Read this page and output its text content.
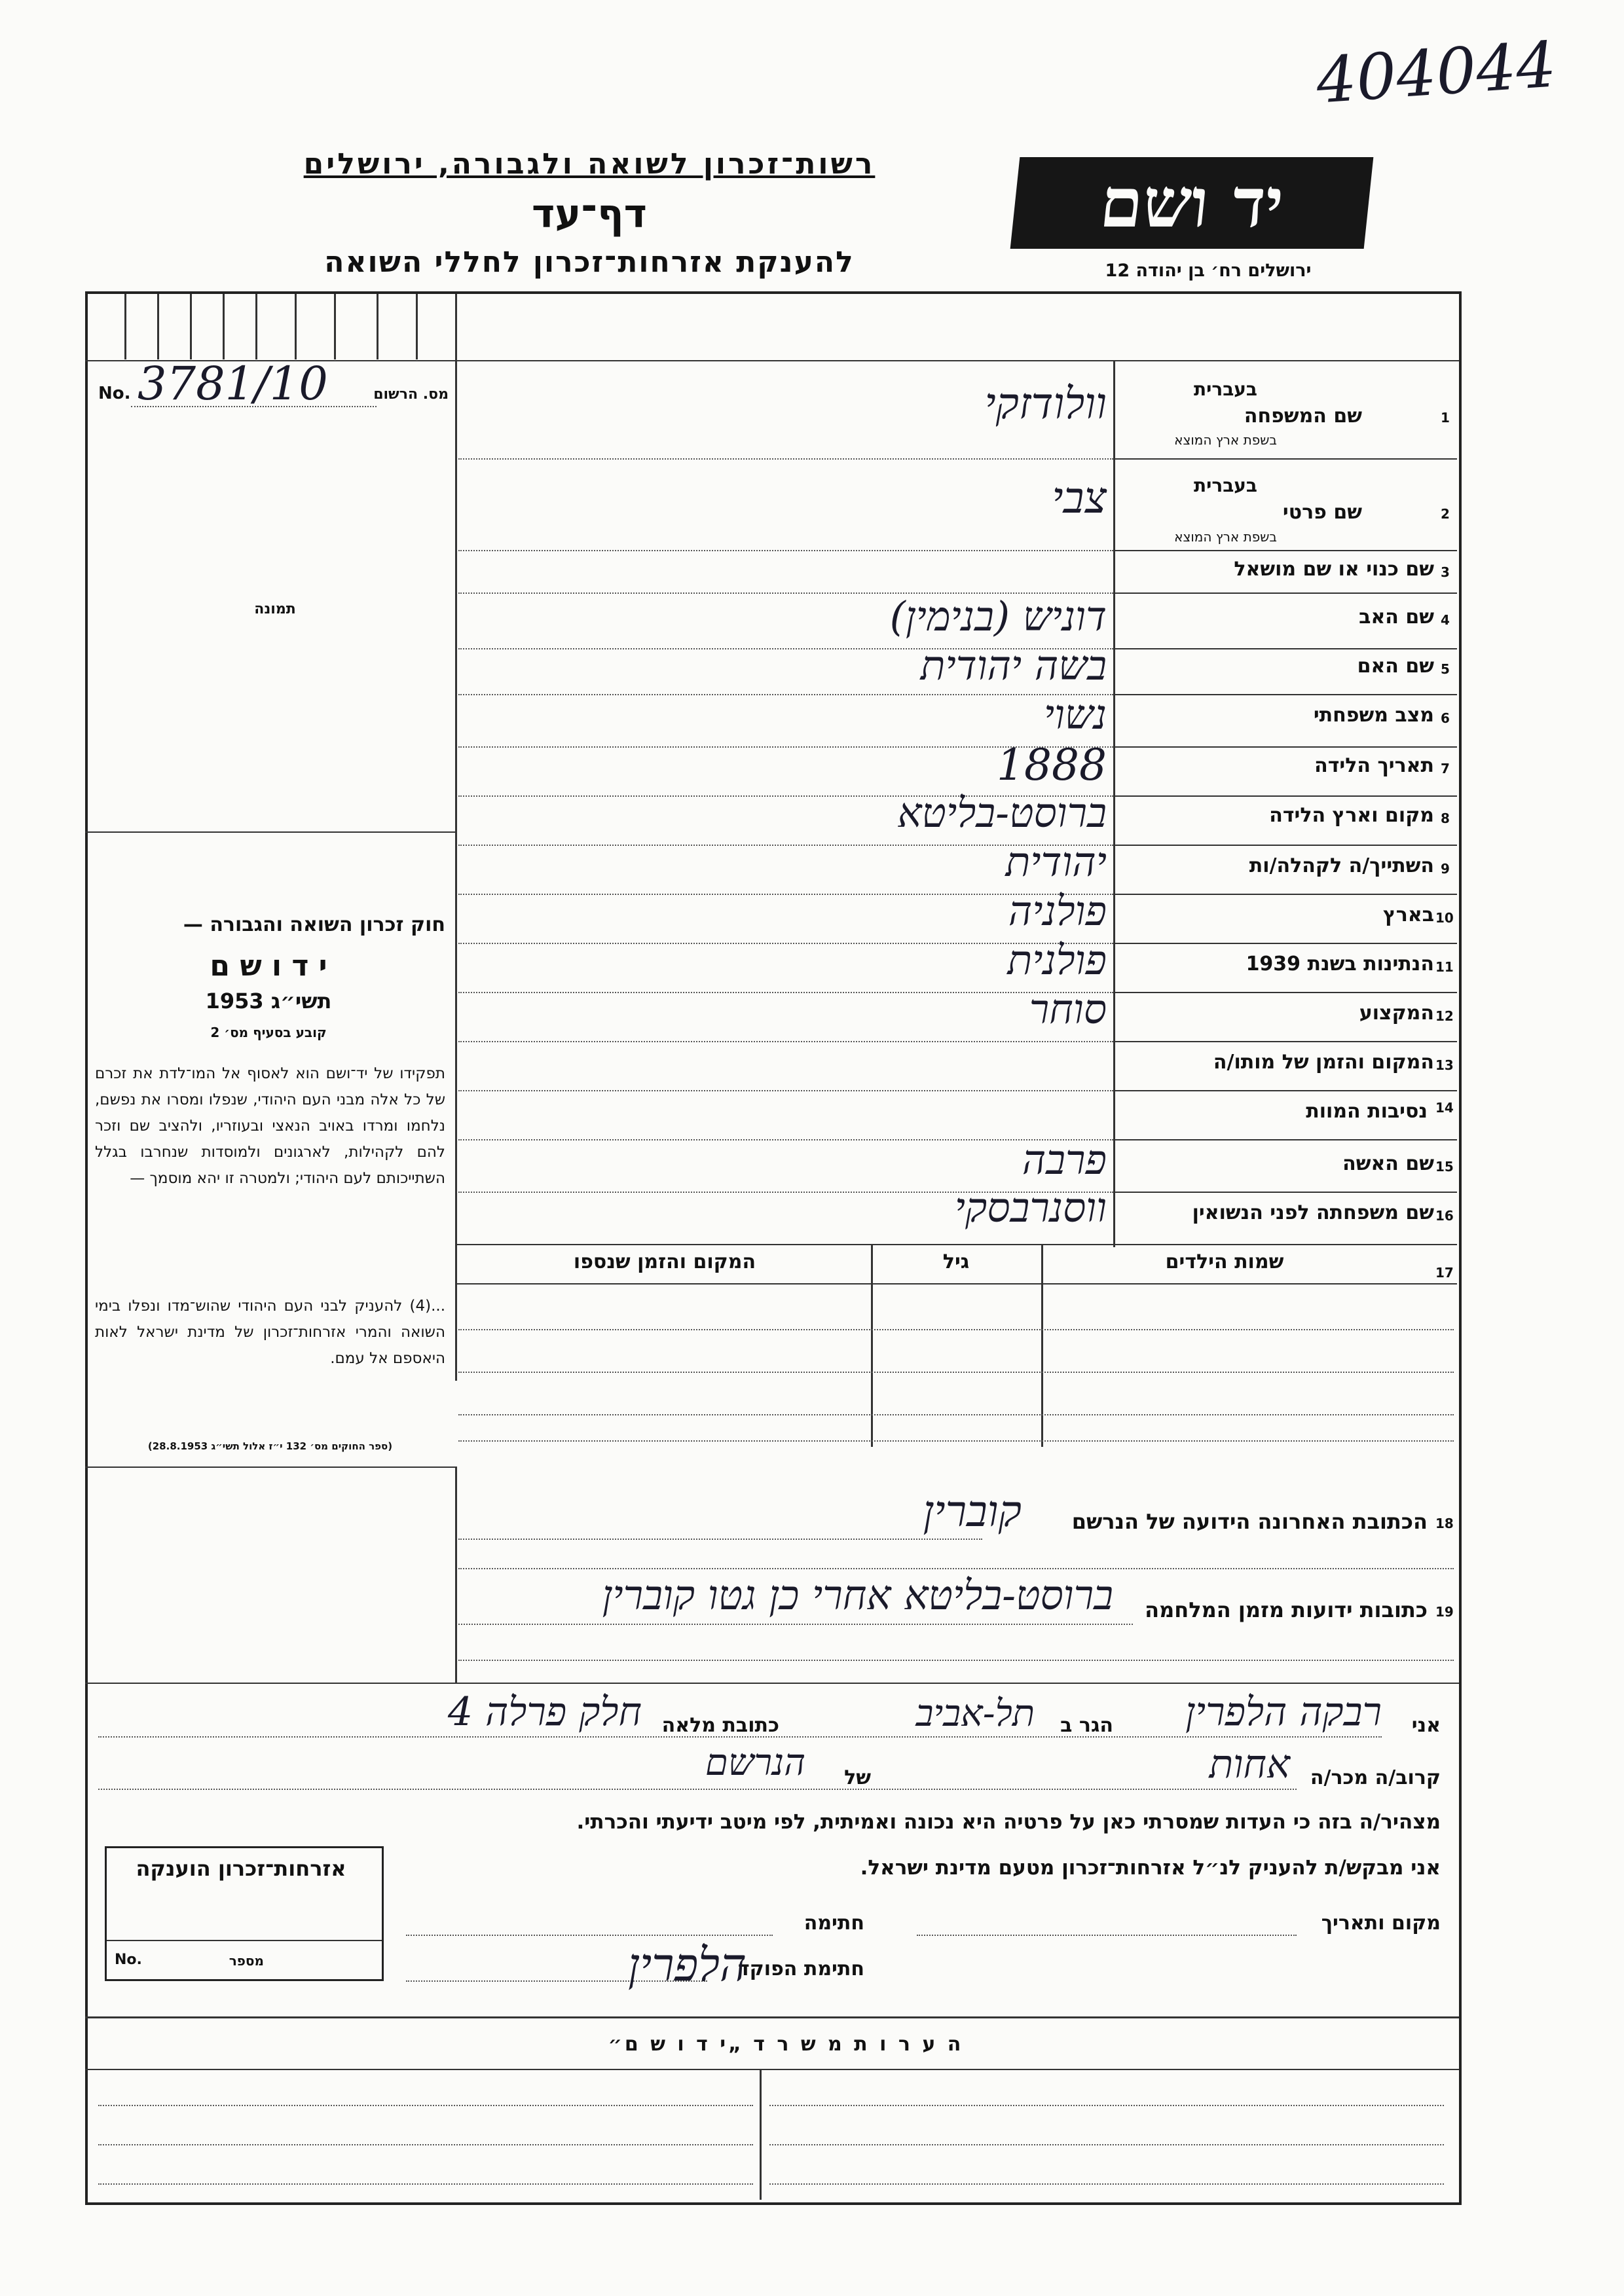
404044
רשות־זכרון לשואה ולגבורה, ירושלים
דף־עד
להענקת אזרחות־זכרון לחללי השואה
יד ושם
ירושלים רח׳ בן יהודה 12
מס. הרשום
No. 3781/10
תמונה
חוק זכרון השואה והגבורה —
י ד ו ש ם
תשי״ג 1953
קובע בסעיף מס׳ 2
תפקידו של יד־ושם הוא לאסוף אל המו־לדת את זכרם של כל אלה מבני העם היהודי, שנפלו ומסרו את נפשם, נלחמו ומרדו באויב הנאצי ובעוזריו, ולהציב שם וזכר להם לקהילות, לארגונים ולמוסדות שנחרבו בגלל השתייכותם לעם היהודי; ולמטרה זו יהא מוסמך —
...(4) להעניק לבני העם היהודי שהוש־מדו ונפלו בימי השואה והמרי אזרחות־זכרון של מדינת ישראל לאות היאספם אל עמם.
(ספר החוקים מס׳ 132 י״ז אלול תשי״ג 28.8.1953)
בעברית
שם המשפחה
בשפת ארץ המוצא
1
וולודזקי
בעברית
שם פרטי
בשפת ארץ המוצא
2
צבי
שם כנוי או שם מושאל 3
שם האב 4
דוניש (בנימין)
שם האם 5
בשה יהודית
מצב משפחתי 6
נשוי
תאריך הלידה 7
1888
מקום וארץ הלידה 8
ברוסט-בליטא
השתייך/ה לקהלה/ות 9
יהודית
בארץ 10
פולניה
הנתינות בשנת 1939 11
פולנית
המקצוע 12
סוחר
המקום והזמן של מותו/ה 13
נסיבות המוות 14
שם האשה 15
פרבה
שם משפחתה לפני הנשואין 16
ווסנרבסקי
17
שמות הילדים
גיל
המקום והזמן שנספו
18
הכתובת האחרונה הידועה של הנרשם
קוברין
19
כתובות ידועות מזמן המלחמה
ברוסט-בליטא אחרי כן גטו קוברין
אני
רבקה הלפרין
הגר ב
תל-אביב
כתובת מלאה
חלק פרלה 4
קרוב/ה מכר/ה
אחות
של
הנרשם
מצהיר/ה בזה כי העדות שמסרתי כאן על פרטיה היא נכונה ואמיתית, לפי מיטב ידיעתי והכרתי.
אני מבקש/ת להעניק לנ״ל אזרחות־זכרון מטעם מדינת ישראל.
מקום ותאריך
חתימה
חתימת הפוקד
הלפרין
אזרחות־זכרון הוענקה
No.	מספר
ה ע ר ו ת מ ש ר ד „י ד ו ש ם״
